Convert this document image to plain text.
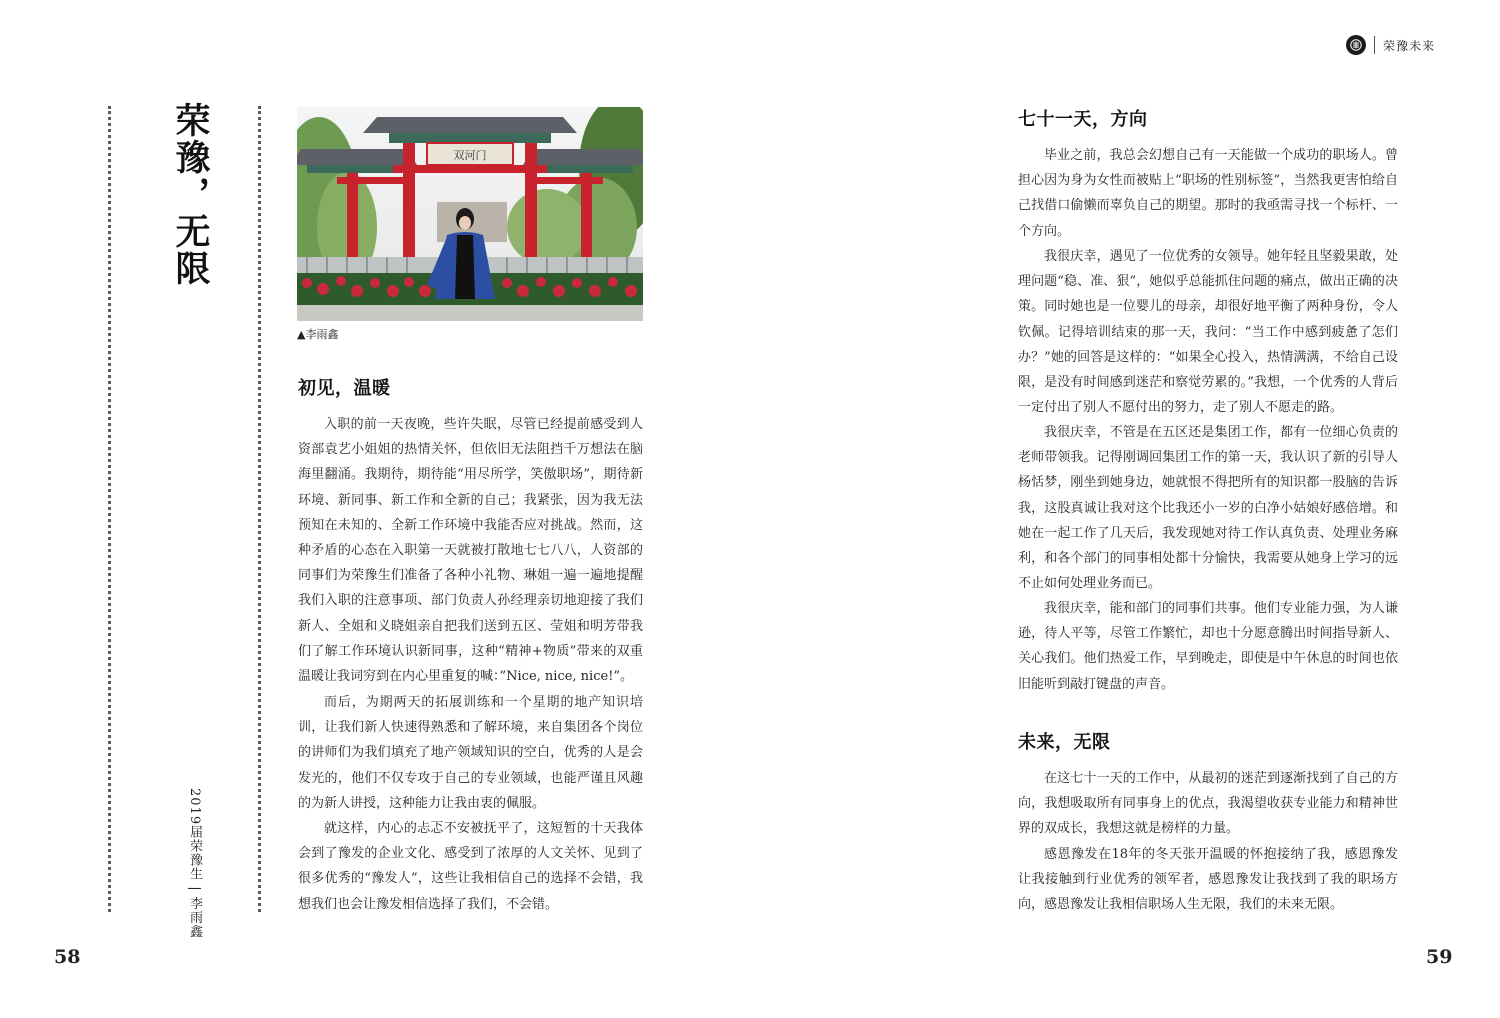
荣豫未来
荣豫，无限
2019届荣豫生 | 李雨鑫
双河门
▲李雨鑫
初见，温暖

入职的前一天夜晚，些许失眠，尽管已经提前感受到人资部袁艺小姐姐的热情关怀，但依旧无法阻挡千万想法在脑海里翻涌。我期待，期待能“用尽所学，笑傲职场”，期待新环境、新同事、新工作和全新的自己；我紧张，因为我无法预知在未知的、全新工作环境中我能否应对挑战。然而，这种矛盾的心态在入职第一天就被打散地七七八八，人资部的同事们为荣豫生们准备了各种小礼物、琳姐一遍一遍地提醒我们入职的注意事项、部门负责人孙经理亲切地迎接了我们新人、全姐和义晓姐亲自把我们送到五区、莹姐和明芳带我们了解工作环境认识新同事，这种“精神+物质”带来的双重温暖让我词穷到在内心里重复的喊：”Nice, nice, nice!”。

而后，为期两天的拓展训练和一个星期的地产知识培训，让我们新人快速得熟悉和了解环境，来自集团各个岗位的讲师们为我们填充了地产领域知识的空白，优秀的人是会发光的，他们不仅专攻于自己的专业领域，也能严谨且风趣的为新人讲授，这种能力让我由衷的佩服。

就这样，内心的忐忑不安被抚平了，这短暂的十天我体会到了豫发的企业文化、感受到了浓厚的人文关怀、见到了很多优秀的“豫发人”，这些让我相信自己的选择不会错，我想我们也会让豫发相信选择了我们，不会错。

58
七十一天，方向

毕业之前，我总会幻想自己有一天能做一个成功的职场人。曾担心因为身为女性而被贴上“职场的性别标签”，当然我更害怕给自己找借口偷懒而辜负自己的期望。那时的我亟需寻找一个标杆、一个方向。

我很庆幸，遇见了一位优秀的女领导。她年轻且坚毅果敢，处理问题“稳、准、狠”，她似乎总能抓住问题的痛点，做出正确的决策。同时她也是一位婴儿的母亲，却很好地平衡了两种身份，令人钦佩。记得培训结束的那一天，我问：“当工作中感到疲惫了怎们办？”她的回答是这样的：“如果全心投入，热情满满，不给自己设限，是没有时间感到迷茫和察觉劳累的。”我想，一个优秀的人背后一定付出了别人不愿付出的努力，走了别人不愿走的路。

我很庆幸，不管是在五区还是集团工作，都有一位细心负责的老师带领我。记得刚调回集团工作的第一天，我认识了新的引导人杨恬梦，刚坐到她身边，她就恨不得把所有的知识都一股脑的告诉我，这股真诚让我对这个比我还小一岁的白净小姑娘好感倍增。和她在一起工作了几天后，我发现她对待工作认真负责、处理业务麻利，和各个部门的同事相处都十分愉快，我需要从她身上学习的远不止如何处理业务而已。

我很庆幸，能和部门的同事们共事。他们专业能力强，为人谦逊，待人平等，尽管工作繁忙，却也十分愿意腾出时间指导新人、关心我们。他们热爱工作，早到晚走，即使是中午休息的时间也依旧能听到敲打键盘的声音。

未来，无限

在这七十一天的工作中，从最初的迷茫到逐渐找到了自己的方向，我想吸取所有同事身上的优点，我渴望收获专业能力和精神世界的双成长，我想这就是榜样的力量。

感恩豫发在18年的冬天张开温暖的怀抱接纳了我，感恩豫发让我接触到行业优秀的领军者，感恩豫发让我找到了我的职场方向，感恩豫发让我相信职场人生无限，我们的未来无限。

59
